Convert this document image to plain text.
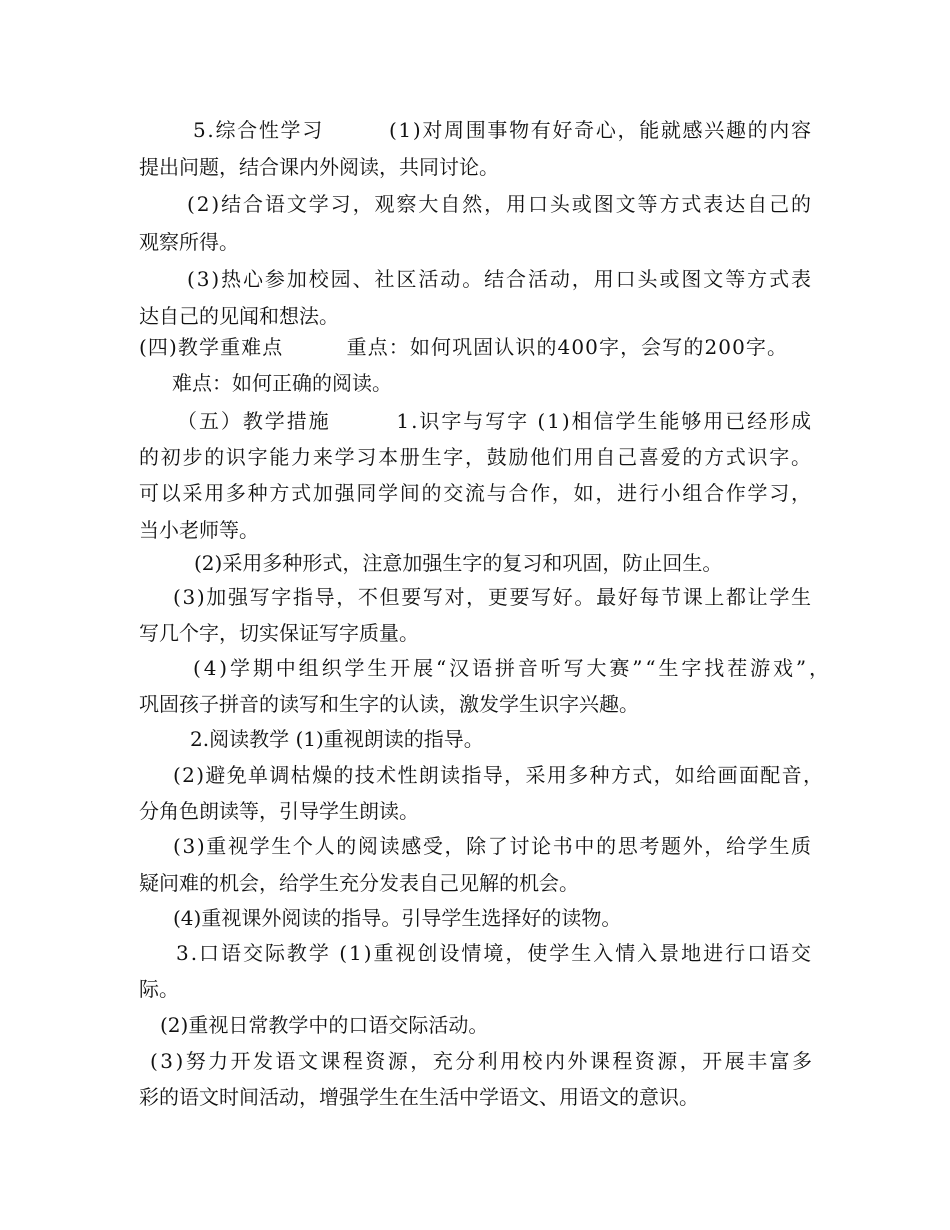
5.综合性学习　　　(1)对周围事物有好奇心，能就感兴趣的内容
提出问题，结合课内外阅读，共同讨论。
(2)结合语文学习，观察大自然，用口头或图文等方式表达自己的
观察所得。
(3)热心参加校园、社区活动。结合活动，用口头或图文等方式表
达自己的见闻和想法。
(四)教学重难点　　　重点：如何巩固认识的400字，会写的200字。
难点：如何正确的阅读。
（五）教学措施　　　1.识字与写字 (1)相信学生能够用已经形成
的初步的识字能力来学习本册生字，鼓励他们用自己喜爱的方式识字。
可以采用多种方式加强同学间的交流与合作，如，进行小组合作学习，
当小老师等。
(2)采用多种形式，注意加强生字的复习和巩固，防止回生。
(3)加强写字指导，不但要写对，更要写好。最好每节课上都让学生
写几个字，切实保证写字质量。
(4)学期中组织学生开展“汉语拼音听写大赛”“生字找茬游戏”，
巩固孩子拼音的读写和生字的认读，激发学生识字兴趣。
2.阅读教学 (1)重视朗读的指导。
(2)避免单调枯燥的技术性朗读指导，采用多种方式，如给画面配音，
分角色朗读等，引导学生朗读。
(3)重视学生个人的阅读感受，除了讨论书中的思考题外，给学生质
疑问难的机会，给学生充分发表自己见解的机会。
(4)重视课外阅读的指导。引导学生选择好的读物。
3.口语交际教学 (1)重视创设情境，使学生入情入景地进行口语交
际。
(2)重视日常教学中的口语交际活动。
(3)努力开发语文课程资源，充分利用校内外课程资源，开展丰富多
彩的语文时间活动，增强学生在生活中学语文、用语文的意识。
